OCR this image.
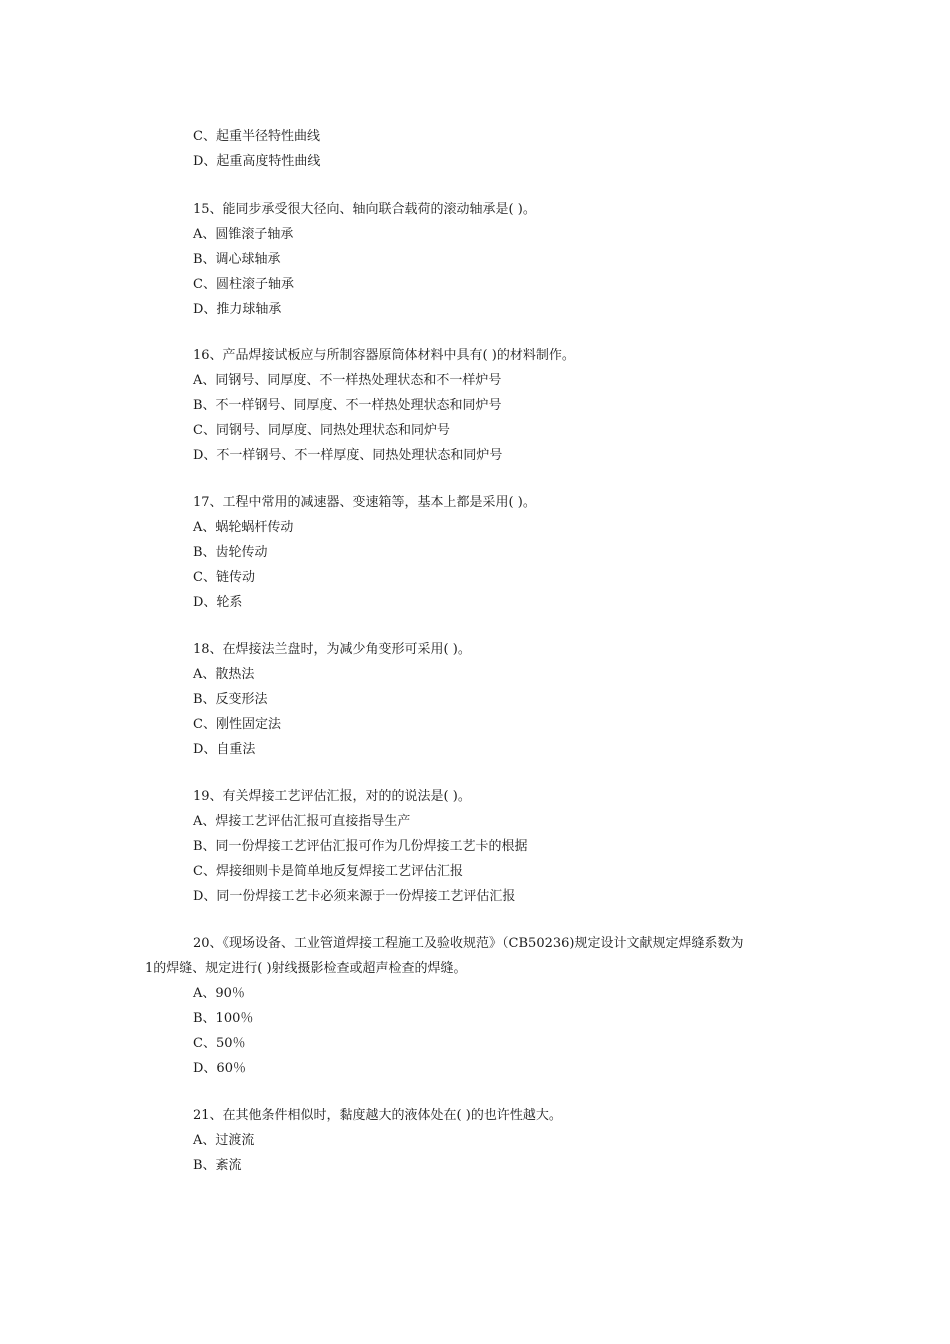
C、起重半径特性曲线
D、起重高度特性曲线
15、能同步承受很大径向、轴向联合载荷的滚动轴承是( )。
A、圆锥滚子轴承
B、调心球轴承
C、圆柱滚子轴承
D、推力球轴承
16、产品焊接试板应与所制容器原筒体材料中具有( )的材料制作。
A、同钢号、同厚度、不一样热处理状态和不一样炉号
B、不一样钢号、同厚度、不一样热处理状态和同炉号
C、同钢号、同厚度、同热处理状态和同炉号
D、不一样钢号、不一样厚度、同热处理状态和同炉号
17、工程中常用的减速器、变速箱等，基本上都是采用( )。
A、蜗轮蜗杆传动
B、齿轮传动
C、链传动
D、轮系
18、在焊接法兰盘时，为减少角变形可采用( )。
A、散热法
B、反变形法
C、刚性固定法
D、自重法
19、有关焊接工艺评估汇报，对的的说法是( )。
A、焊接工艺评估汇报可直接指导生产
B、同一份焊接工艺评估汇报可作为几份焊接工艺卡的根据
C、焊接细则卡是简单地反复焊接工艺评估汇报
D、同一份焊接工艺卡必须来源于一份焊接工艺评估汇报
20、《现场设备、工业管道焊接工程施工及验收规范》（CB50236)规定设计文献规定焊缝系数为
1的焊缝、规定进行( )射线摄影检查或超声检查的焊缝。
A、90％
B、100％
C、50％
D、60％
21、在其他条件相似时，黏度越大的液体处在( )的也许性越大。
A、过渡流
B、紊流
